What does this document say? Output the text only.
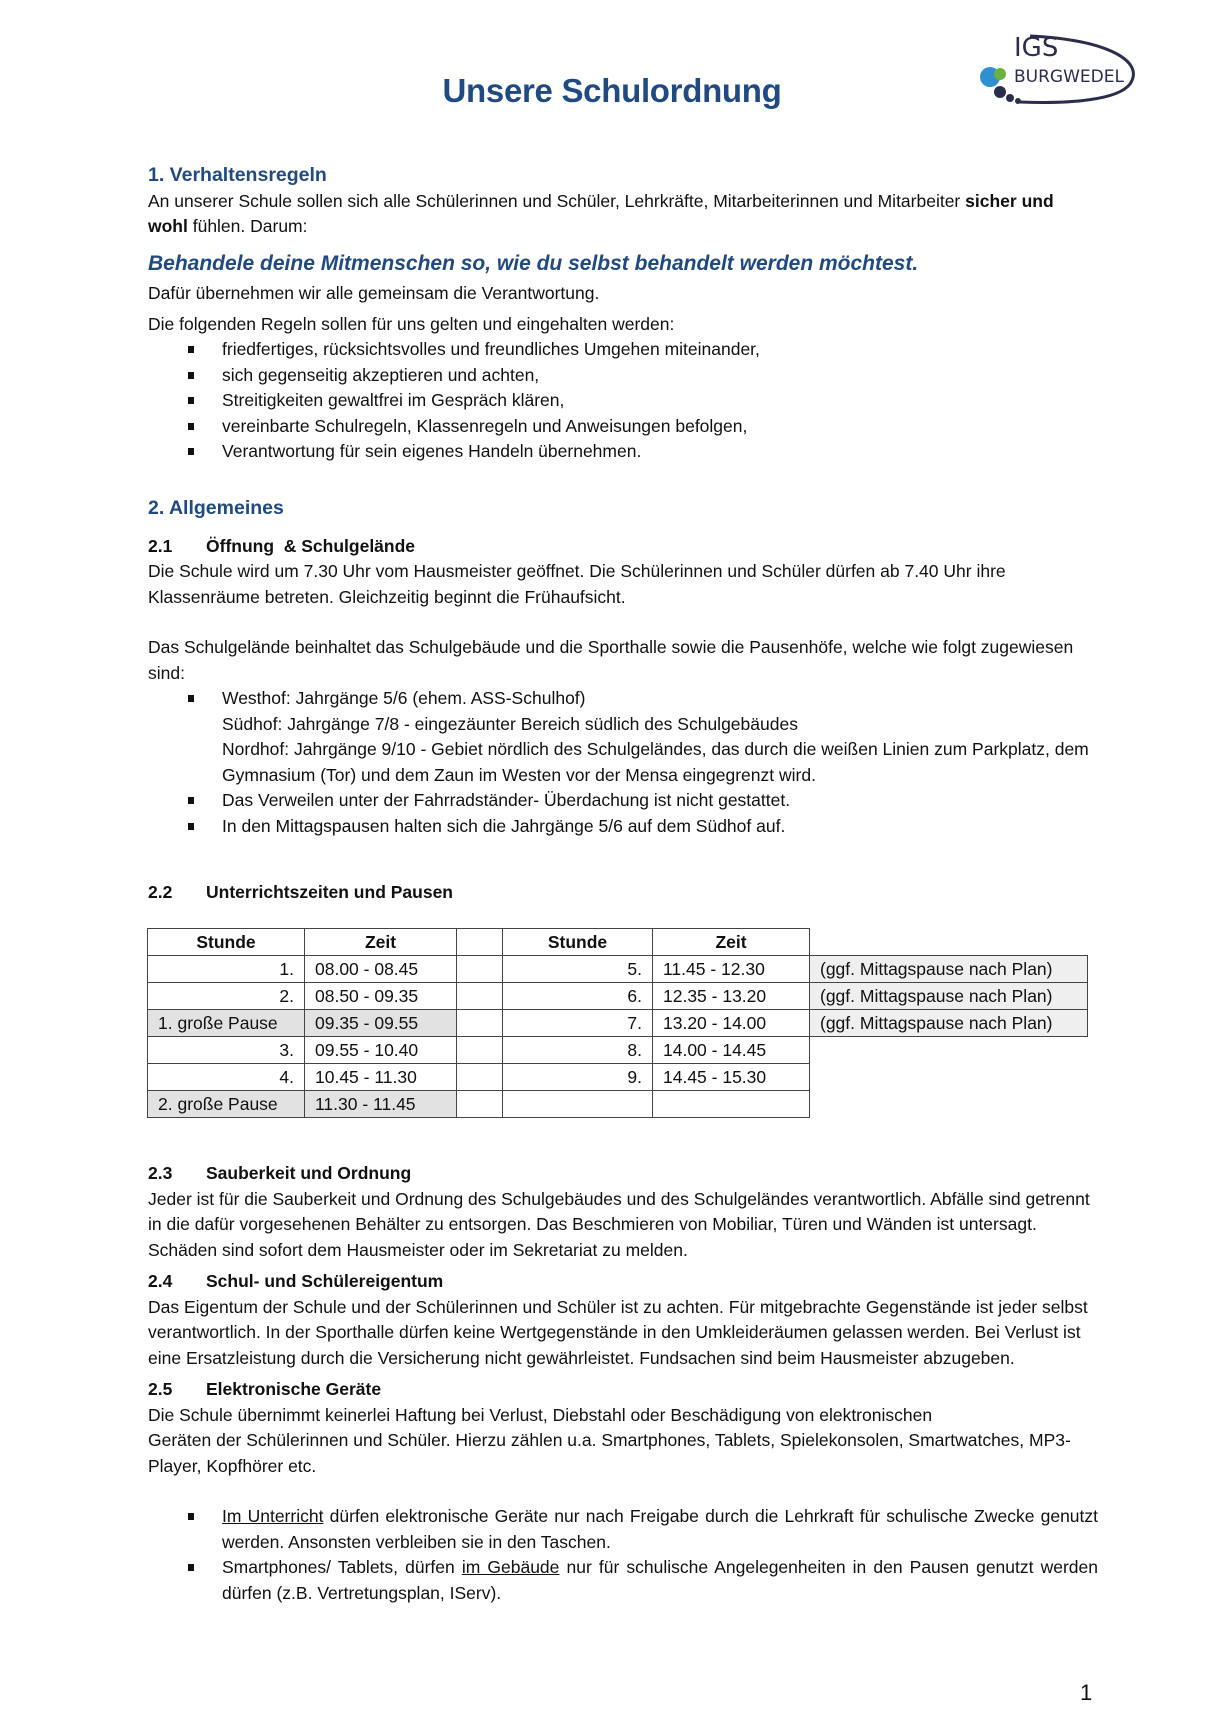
Unsere Schulordnung
IGS
BURGWEDEL
1. Verhaltensregeln

An unserer Schule sollen sich alle Schülerinnen und Schüler, Lehrkräfte, Mitarbeiterinnen und Mitarbeiter sicher und wohl fühlen. Darum:

Behandele deine Mitmenschen so, wie du selbst behandelt werden möchtest.

Dafür übernehmen wir alle gemeinsam die Verantwortung.

Die folgenden Regeln sollen für uns gelten und eingehalten werden:

friedfertiges, rücksichtsvolles und freundliches Umgehen miteinander,
sich gegenseitig akzeptieren und achten,
Streitigkeiten gewaltfrei im Gespräch klären,
vereinbarte Schulregeln, Klassenregeln und Anweisungen befolgen,
Verantwortung für sein eigenes Handeln übernehmen.
2. Allgemeines
2.1 Öffnung  & Schulgelände

Die Schule wird um 7.30 Uhr vom Hausmeister geöffnet. Die Schülerinnen und Schüler dürfen ab 7.40 Uhr ihre Klassenräume betreten. Gleichzeitig beginnt die Frühaufsicht.

Das Schulgelände beinhaltet das Schulgebäude und die Sporthalle sowie die Pausenhöfe, welche wie folgt zugewiesen sind:

Westhof: Jahrgänge 5/6 (ehem. ASS-Schulhof)
Südhof: Jahrgänge 7/8 - eingezäunter Bereich südlich des Schulgebäudes
Nordhof: Jahrgänge 9/10 - Gebiet nördlich des Schulgeländes, das durch die weißen Linien zum Parkplatz, dem Gymnasium (Tor) und dem Zaun im Westen vor der Mensa eingegrenzt wird.
Das Verweilen unter der Fahrradständer- Überdachung ist nicht gestattet.
In den Mittagspausen halten sich die Jahrgänge 5/6 auf dem Südhof auf.
2.2 Unterrichtszeiten und Pausen
Stunde	Zeit		Stunde	Zeit	
1.	08.00 - 08.45		5.	11.45 - 12.30	(ggf. Mittagspause nach Plan)
2.	08.50 - 09.35		6.	12.35 - 13.20	(ggf. Mittagspause nach Plan)
1. große Pause	09.35 - 09.55		7.	13.20 - 14.00	(ggf. Mittagspause nach Plan)
3.	09.55 - 10.40		8.	14.00 - 14.45	
4.	10.45 - 11.30		9.	14.45 - 15.30	
2. große Pause	11.30 - 11.45				
2.3 Sauberkeit und Ordnung

Jeder ist für die Sauberkeit und Ordnung des Schulgebäudes und des Schulgeländes verantwortlich. Abfälle sind getrennt in die dafür vorgesehenen Behälter zu entsorgen. Das Beschmieren von Mobiliar, Türen und Wänden ist untersagt. Schäden sind sofort dem Hausmeister oder im Sekretariat zu melden.

2.4 Schul- und Schülereigentum

Das Eigentum der Schule und der Schülerinnen und Schüler ist zu achten. Für mitgebrachte Gegenstände ist jeder selbst verantwortlich. In der Sporthalle dürfen keine Wertgegenstände in den Umkleideräumen gelassen werden. Bei Verlust ist eine Ersatzleistung durch die Versicherung nicht gewährleistet. Fundsachen sind beim Hausmeister abzugeben.

2.5 Elektronische Geräte

Die Schule übernimmt keinerlei Haftung bei Verlust, Diebstahl oder Beschädigung von elektronischen

Geräten der Schülerinnen und Schüler. Hierzu zählen u.a. Smartphones, Tablets, Spielekonsolen, Smartwatches, MP3-Player, Kopfhörer etc.

Im Unterricht dürfen elektronische Geräte nur nach Freigabe durch die Lehrkraft für schulische Zwecke genutzt werden. Ansonsten verbleiben sie in den Taschen.
Smartphones/ Tablets, dürfen im Gebäude nur für schulische Angelegenheiten in den Pausen genutzt werden dürfen (z.B. Vertretungsplan, IServ).
1
